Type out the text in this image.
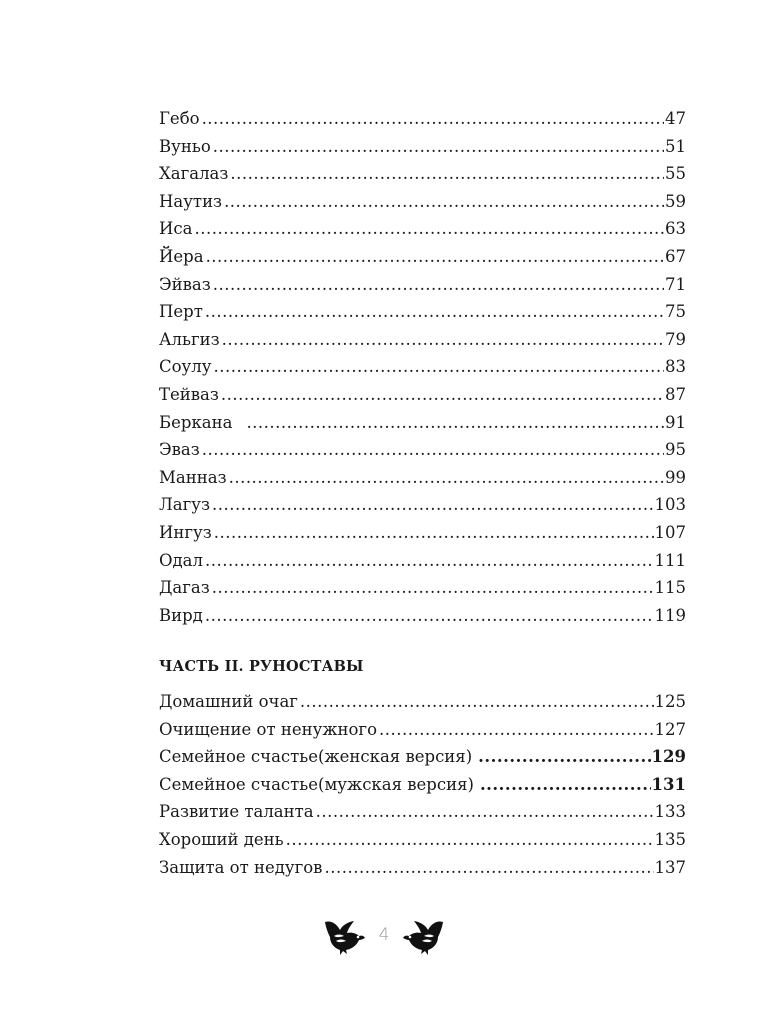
Гебо .....	47
Вуньо .....	51
Хагалаз .....	55
Наутиз .....	59
Иса .....	63
Йера .....	67
Эйваз .....	71
Перт .....	75
Альгиз .....	79
Соулу .....	83
Тейваз .....	87
Беркана .....	91
Эваз .....	95
Манназ .....	99
Лагуз .....	103
Ингуз .....	107
Одал .....	111
Дагаз .....	115
Вирд .....	119
ЧАСТЬ II. РУНОСТАВЫ
Домашний очаг .....	125
Очищение от ненужного .....	127
Семейное счастье(женская версия) .....	129
Семейное счастье(мужская версия) .....	131
Развитие таланта .....	133
Хороший день .....	135
Защита от недугов .....	137
4
